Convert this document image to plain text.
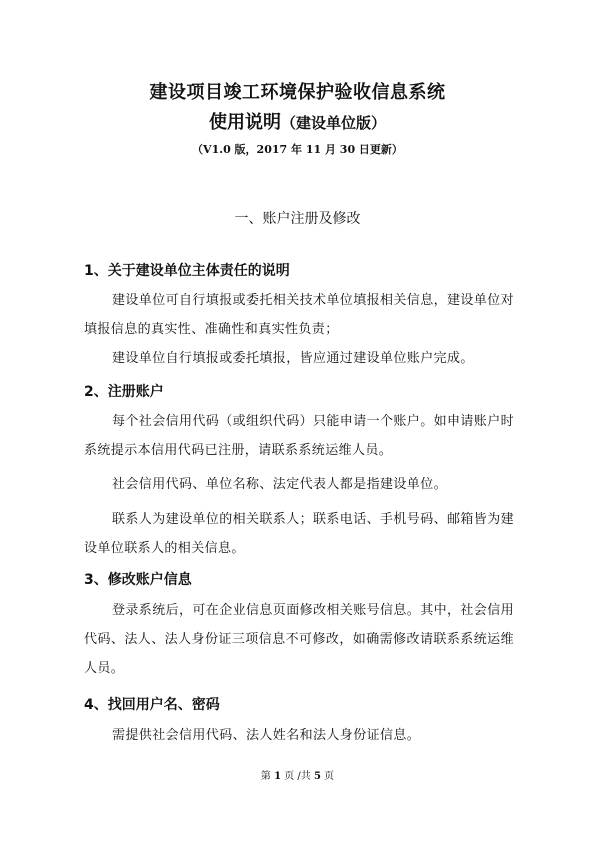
建设项目竣工环境保护验收信息系统
使用说明（建设单位版）
（V1.0 版，2017 年 11 月 30 日更新）
一、账户注册及修改
1、关于建设单位主体责任的说明

建设单位可自行填报或委托相关技术单位填报相关信息，建设单位对填报信息的真实性、准确性和真实性负责；

建设单位自行填报或委托填报，皆应通过建设单位账户完成。

2、注册账户

每个社会信用代码（或组织代码）只能申请一个账户。如申请账户时系统提示本信用代码已注册，请联系系统运维人员。

社会信用代码、单位名称、法定代表人都是指建设单位。

联系人为建设单位的相关联系人；联系电话、手机号码、邮箱皆为建设单位联系人的相关信息。

3、修改账户信息

登录系统后，可在企业信息页面修改相关账号信息。其中，社会信用代码、法人、法人身份证三项信息不可修改，如确需修改请联系系统运维人员。

4、找回用户名、密码

需提供社会信用代码、法人姓名和法人身份证信息。

第 1 页 /共 5 页
